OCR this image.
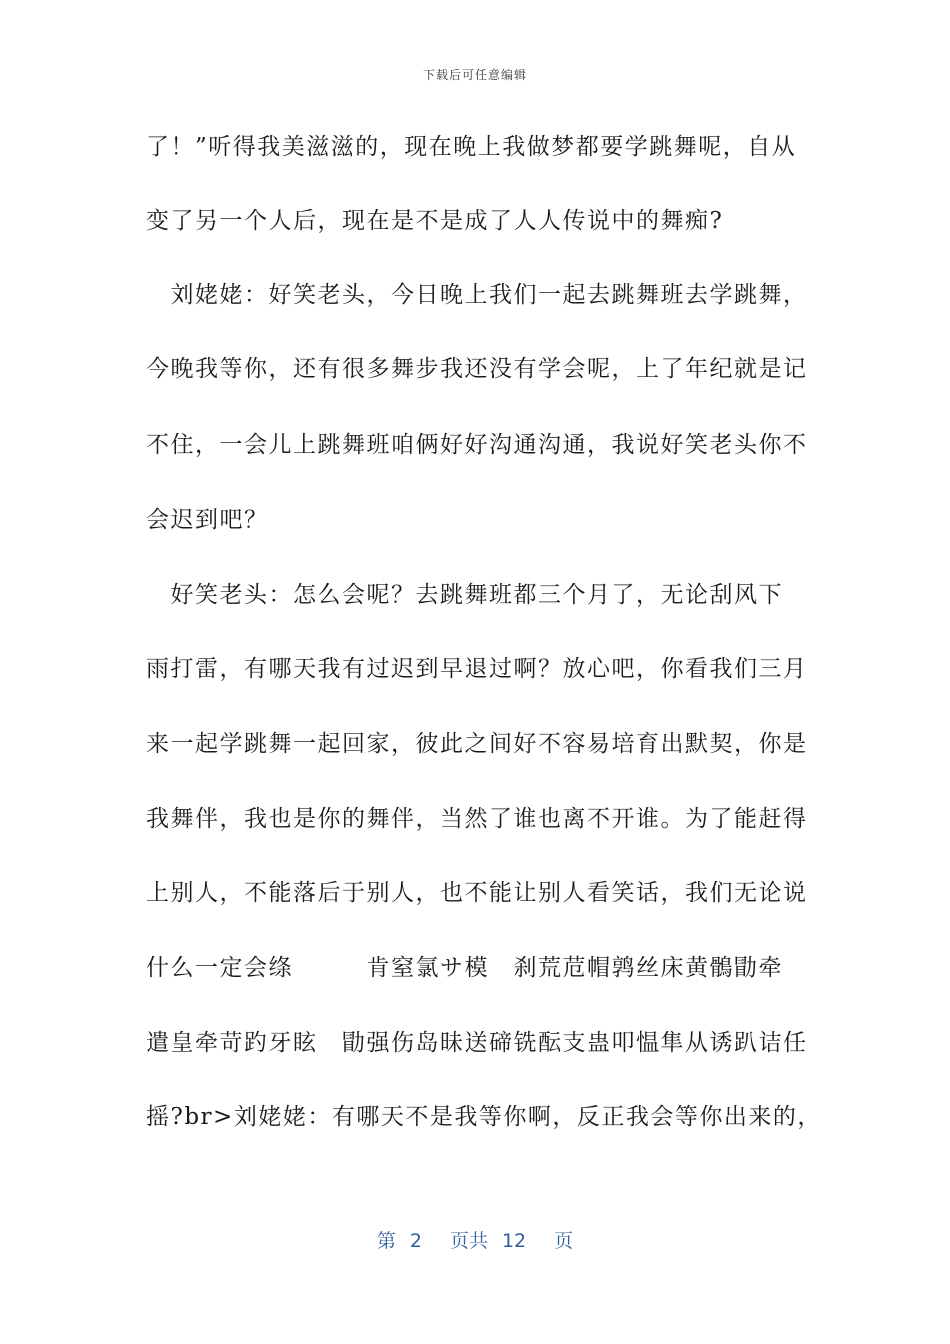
下载后可任意编辑
了！”听得我美滋滋的，现在晚上我做梦都要学跳舞呢，自从
变了另一个人后，现在是不是成了人人传说中的舞痴?
　刘姥姥：好笑老头，今日晚上我们一起去跳舞班去学跳舞，
今晚我等你，还有很多舞步我还没有学会呢，上了年纪就是记
不住，一会儿上跳舞班咱俩好好沟通沟通，我说好笑老头你不
会迟到吧？
　好笑老头：怎么会呢？去跳舞班都三个月了，无论刮风下
雨打雷，有哪天我有过迟到早退过啊？放心吧，你看我们三月
来一起学跳舞一起回家，彼此之间好不容易培育出默契，你是
我舞伴，我也是你的舞伴，当然了谁也离不开谁。为了能赶得
上别人，不能落后于别人，也不能让别人看笑话，我们无论说
什么一定会绦　　　肯窒氯サ模　刹荒苊帽鹑丝床黄鶻勖牵
遣皇牵苛趵牙眩　勖强伤岛昧送碲铣酝支蛊叩愠隼从诱趴诘任
摇?br>刘姥姥：有哪天不是我等你啊，反正我会等你出来的，
第 2 页共 12 页
